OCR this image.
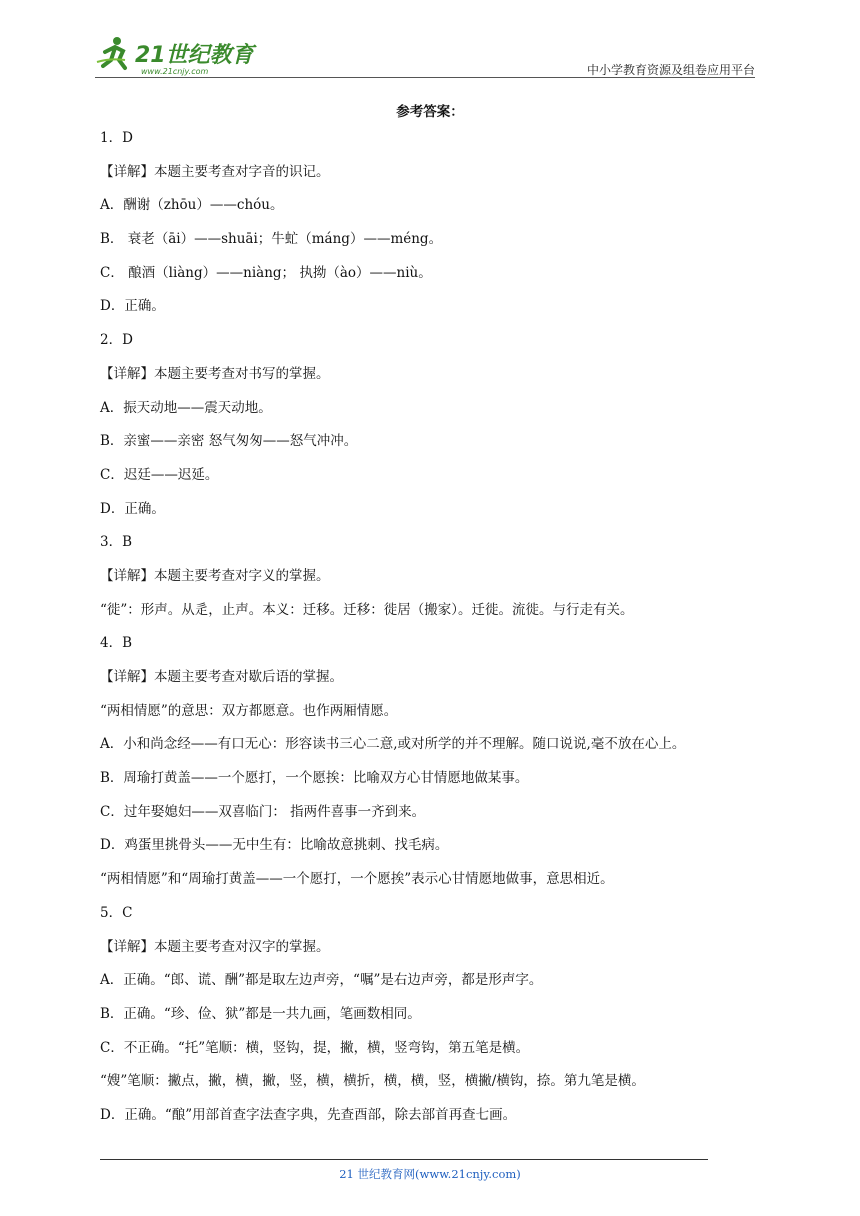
21世纪教育
www.21cnjy.com	中小学教育资源及组卷应用平台
参考答案：
1．D
【详解】本题主要考查对字音的识记。
A．酬谢（zhōu）——chóu。
B． 衰老（āi）——shuāi；牛虻（máng）——méng。
C． 酿酒（liàng）——niàng； 执拗（ào）——niù。
D．正确。
2．D
【详解】本题主要考查对书写的掌握。
A．振天动地——震天动地。
B．亲蜜——亲密 怒气匆匆——怒气冲冲。
C．迟廷——迟延。
D．正确。
3．B
【详解】本题主要考查对字义的掌握。
“徙”：形声。从辵，止声。本义：迁移。迁移：徙居（搬家）。迁徙。流徙。与行走有关。
4．B
【详解】本题主要考查对歇后语的掌握。
“两相情愿”的意思：双方都愿意。也作两厢情愿。
A．小和尚念经——有口无心：形容读书三心二意,或对所学的并不理解。随口说说,毫不放在心上。
B．周瑜打黄盖——一个愿打，一个愿挨：比喻双方心甘情愿地做某事。
C．过年娶媳妇——双喜临门： 指两件喜事一齐到来。
D．鸡蛋里挑骨头——无中生有：比喻故意挑刺、找毛病。
“两相情愿”和“周瑜打黄盖——一个愿打，一个愿挨”表示心甘情愿地做事，意思相近。
5．C
【详解】本题主要考查对汉字的掌握。
A．正确。“郎、谎、酬”都是取左边声旁，“嘱”是右边声旁，都是形声字。
B．正确。“珍、俭、狱”都是一共九画，笔画数相同。
C．不正确。“托”笔顺：横，竖钩，提，撇，横，竖弯钩，第五笔是横。
“嫂”笔顺：撇点，撇，横，撇，竖，横，横折，横，横，竖，横撇/横钩，捺。第九笔是横。
D．正确。“酿”用部首查字法查字典，先查酉部，除去部首再查七画。
21 世纪教育网(www.21cnjy.com)
